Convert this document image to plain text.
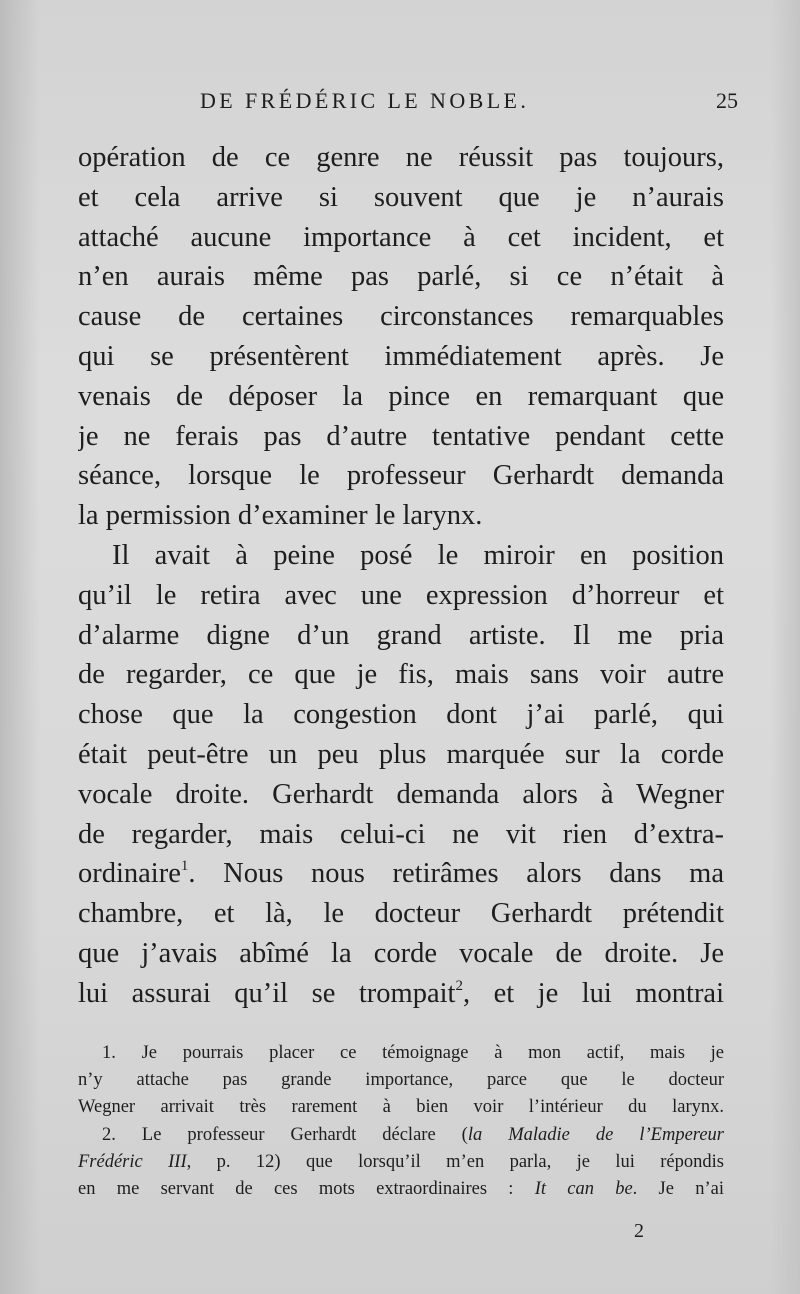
DE FRÉDÉRIC LE NOBLE.	25
opération de ce genre ne réussit pas toujours,
et cela arrive si souvent que je n’aurais
attaché aucune importance à cet incident, et
n’en aurais même pas parlé, si ce n’était à
cause de certaines circonstances remarquables
qui se présentèrent immédiatement après. Je
venais de déposer la pince en remarquant que
je ne ferais pas d’autre tentative pendant cette
séance, lorsque le professeur Gerhardt demanda
la permission d’examiner le larynx.
Il avait à peine posé le miroir en position
qu’il le retira avec une expression d’horreur et
d’alarme digne d’un grand artiste. Il me pria
de regarder, ce que je fis, mais sans voir autre
chose que la congestion dont j’ai parlé, qui
était peut-être un peu plus marquée sur la corde
vocale droite. Gerhardt demanda alors à Wegner
de regarder, mais celui-ci ne vit rien d’extra-
ordinaire$^1$. Nous nous retirâmes alors dans ma
chambre, et là, le docteur Gerhardt prétendit
que j’avais abîmé la corde vocale de droite. Je
lui assurai qu’il se trompait$^2$, et je lui montrai
1. Je pourrais placer ce témoignage à mon actif, mais je
n’y attache pas grande importance, parce que le docteur
Wegner arrivait très rarement à bien voir l’intérieur du larynx.
2. Le professeur Gerhardt déclare (la Maladie de l’Empereur
Frédéric III, p. 12) que lorsqu’il m’en parla, je lui répondis
en me servant de ces mots extraordinaires : It can be. Je n’ai
2
